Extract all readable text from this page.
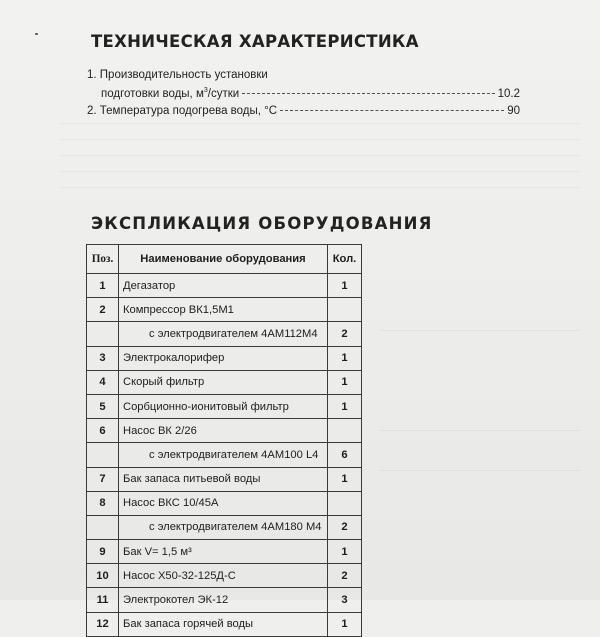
ТЕХНИЧЕСКАЯ ХАРАКТЕРИСТИКА
1. Производительность установки
подготовки воды, $м^3$/сутки	10.2
2. Температура подогрева воды, °С	90
ЭКСПЛИКАЦИЯ ОБОРУДОВАНИЯ
Поз.	Наименование оборудования	Кол.
1	Дегазатор	1
2	Компрессор ВК1,5М1	
	с электродвигателем 4АМ112М4	2
3	Электрокалорифер	1
4	Скорый фильтр	1
5	Сорбционно-ионитовый фильтр	1
6	Насос ВК 2/26	
	с электродвигателем 4АМ100 L4	6
7	Бак запаса питьевой воды	1
8	Насос ВКС 10/45А	
	с электродвигателем 4АМ180 М4	2
9	Бак V= 1,5 м³	1
10	Насос Х50-32-125Д-С	2
11	Электрокотел ЭК-12	3
12	Бак запаса горячей воды	1
